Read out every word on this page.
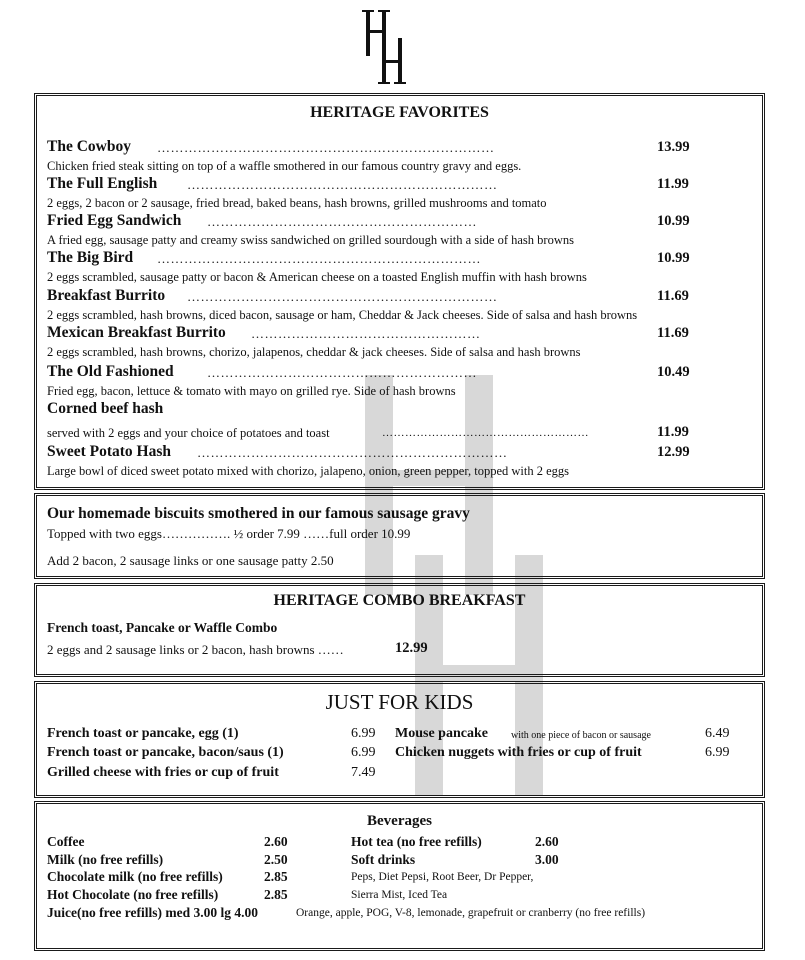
HERITAGE FAVORITES
The Cowboy …………………………………………………………………	13.99
Chicken fried steak sitting on top of a waffle smothered in our famous country gravy and eggs.
The Full English ……………………………………………………………	11.99
2 eggs, 2 bacon or 2 sausage, fried bread, baked beans, hash browns, grilled mushrooms and tomato
Fried Egg Sandwich ……………………………………………………	10.99
A fried egg, sausage patty and creamy swiss sandwiched on grilled sourdough with a side of hash browns
The Big Bird ………………………………………………………………	10.99
2 eggs scrambled, sausage patty or bacon & American cheese on a toasted English muffin with hash browns
Breakfast Burrito ……………………………………………………………	11.69
2 eggs scrambled, hash browns, diced bacon, sausage or ham, Cheddar & Jack cheeses. Side of salsa and hash browns
Mexican Breakfast Burrito ……………………………………………	11.69
2 eggs scrambled, hash browns, chorizo, jalapenos, cheddar & jack cheeses. Side of salsa and hash browns
The Old Fashioned	……………………………………………………	10.49
Fried egg, bacon, lettuce & tomato with mayo on grilled rye. Side of hash browns
Corned beef hash
served with 2 eggs and your choice of potatoes and toast	………………………………………………	11.99
Sweet Potato Hash ……………………………………………………………	12.99
Large bowl of diced sweet potato mixed with chorizo, jalapeno, onion, green pepper, topped with 2 eggs
Our homemade biscuits smothered in our famous sausage gravy
Topped with two eggs……………. ½ order 7.99 ……full order 10.99
Add 2 bacon, 2 sausage links or one sausage patty 2.50
HERITAGE COMBO BREAKFAST
French toast, Pancake or Waffle Combo
2 eggs and 2 sausage links or 2 bacon, hash browns ……	12.99
JUST FOR KIDS
French toast or pancake, egg (1)	6.99
French toast or pancake, bacon/saus (1)	6.99
Grilled cheese with fries or cup of fruit	7.49
Mouse pancake with one piece of bacon or sausage	6.49
Chicken nuggets with fries or cup of fruit	6.99
Beverages
Coffee	2.60
Milk (no free refills)	2.50
Chocolate milk (no free refills)	2.85
Hot Chocolate (no free refills)	2.85
Hot tea (no free refills)	2.60
Soft drinks	3.00
Peps, Diet Pepsi, Root Beer, Dr Pepper,
Sierra Mist, Iced Tea
Juice(no free refills) med 3.00 lg 4.00	Orange, apple, POG, V-8, lemonade, grapefruit or cranberry (no free refills)
